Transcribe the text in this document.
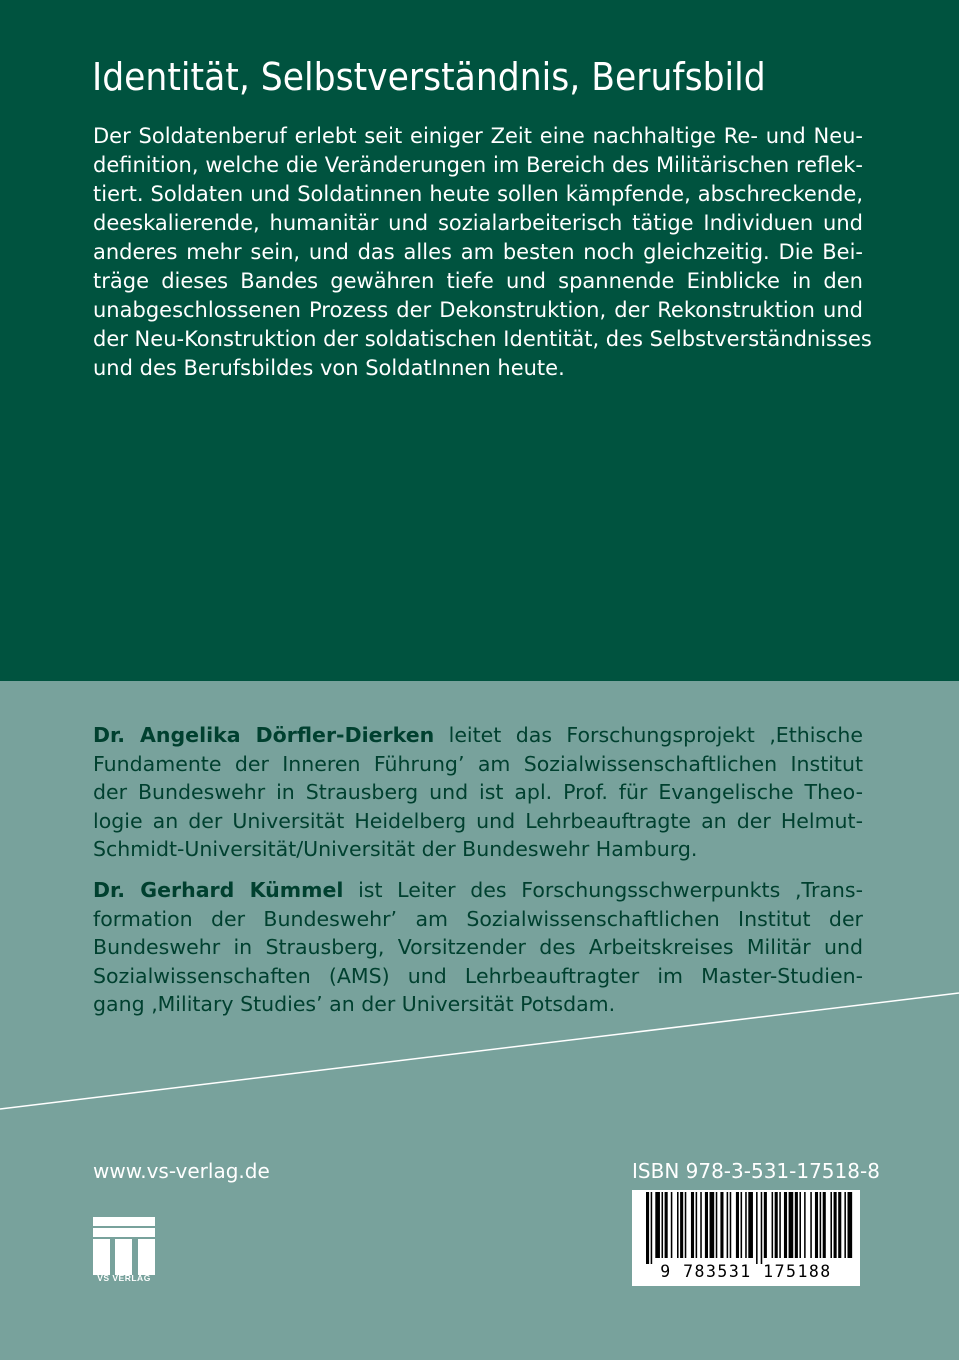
Identität, Selbstverständnis, Berufsbild

Der Soldatenberuf erlebt seit einiger Zeit eine nachhaltige Re- und Neu-
definition, welche die Veränderungen im Bereich des Militärischen reflek-
tiert. Soldaten und Soldatinnen heute sollen kämpfende, abschreckende,
deeskalierende, humanitär und sozialarbeiterisch tätige Individuen und
anderes mehr sein, und das alles am besten noch gleichzeitig. Die Bei-
träge dieses Bandes gewähren tiefe und spannende Einblicke in den
unabgeschlossenen Prozess der Dekonstruktion, der Rekonstruktion und
der Neu-Konstruktion der soldatischen Identität, des Selbstverständnisses
und des Berufsbildes von SoldatInnen heute.

Dr. Angelika Dörfler-Dierken leitet das Forschungsprojekt ‚Ethische
Fundamente der Inneren Führung’ am Sozialwissenschaftlichen Institut
der Bundeswehr in Strausberg und ist apl. Prof. für Evangelische Theo-
logie an der Universität Heidelberg und Lehrbeauftragte an der Helmut-
Schmidt-Universität/Universität der Bundeswehr Hamburg.

Dr. Gerhard Kümmel ist Leiter des Forschungsschwerpunkts ‚Trans-
formation der Bundeswehr’ am Sozialwissenschaftlichen Institut der
Bundeswehr in Strausberg, Vorsitzender des Arbeitskreises Militär und
Sozialwissenschaften (AMS) und Lehrbeauftragter im Master-Studien-
gang ‚Military Studies’ an der Universität Potsdam.

www.vs-verlag.de	ISBN 978-3-531-17518-8
VS VERLAG	9 783531 175188
